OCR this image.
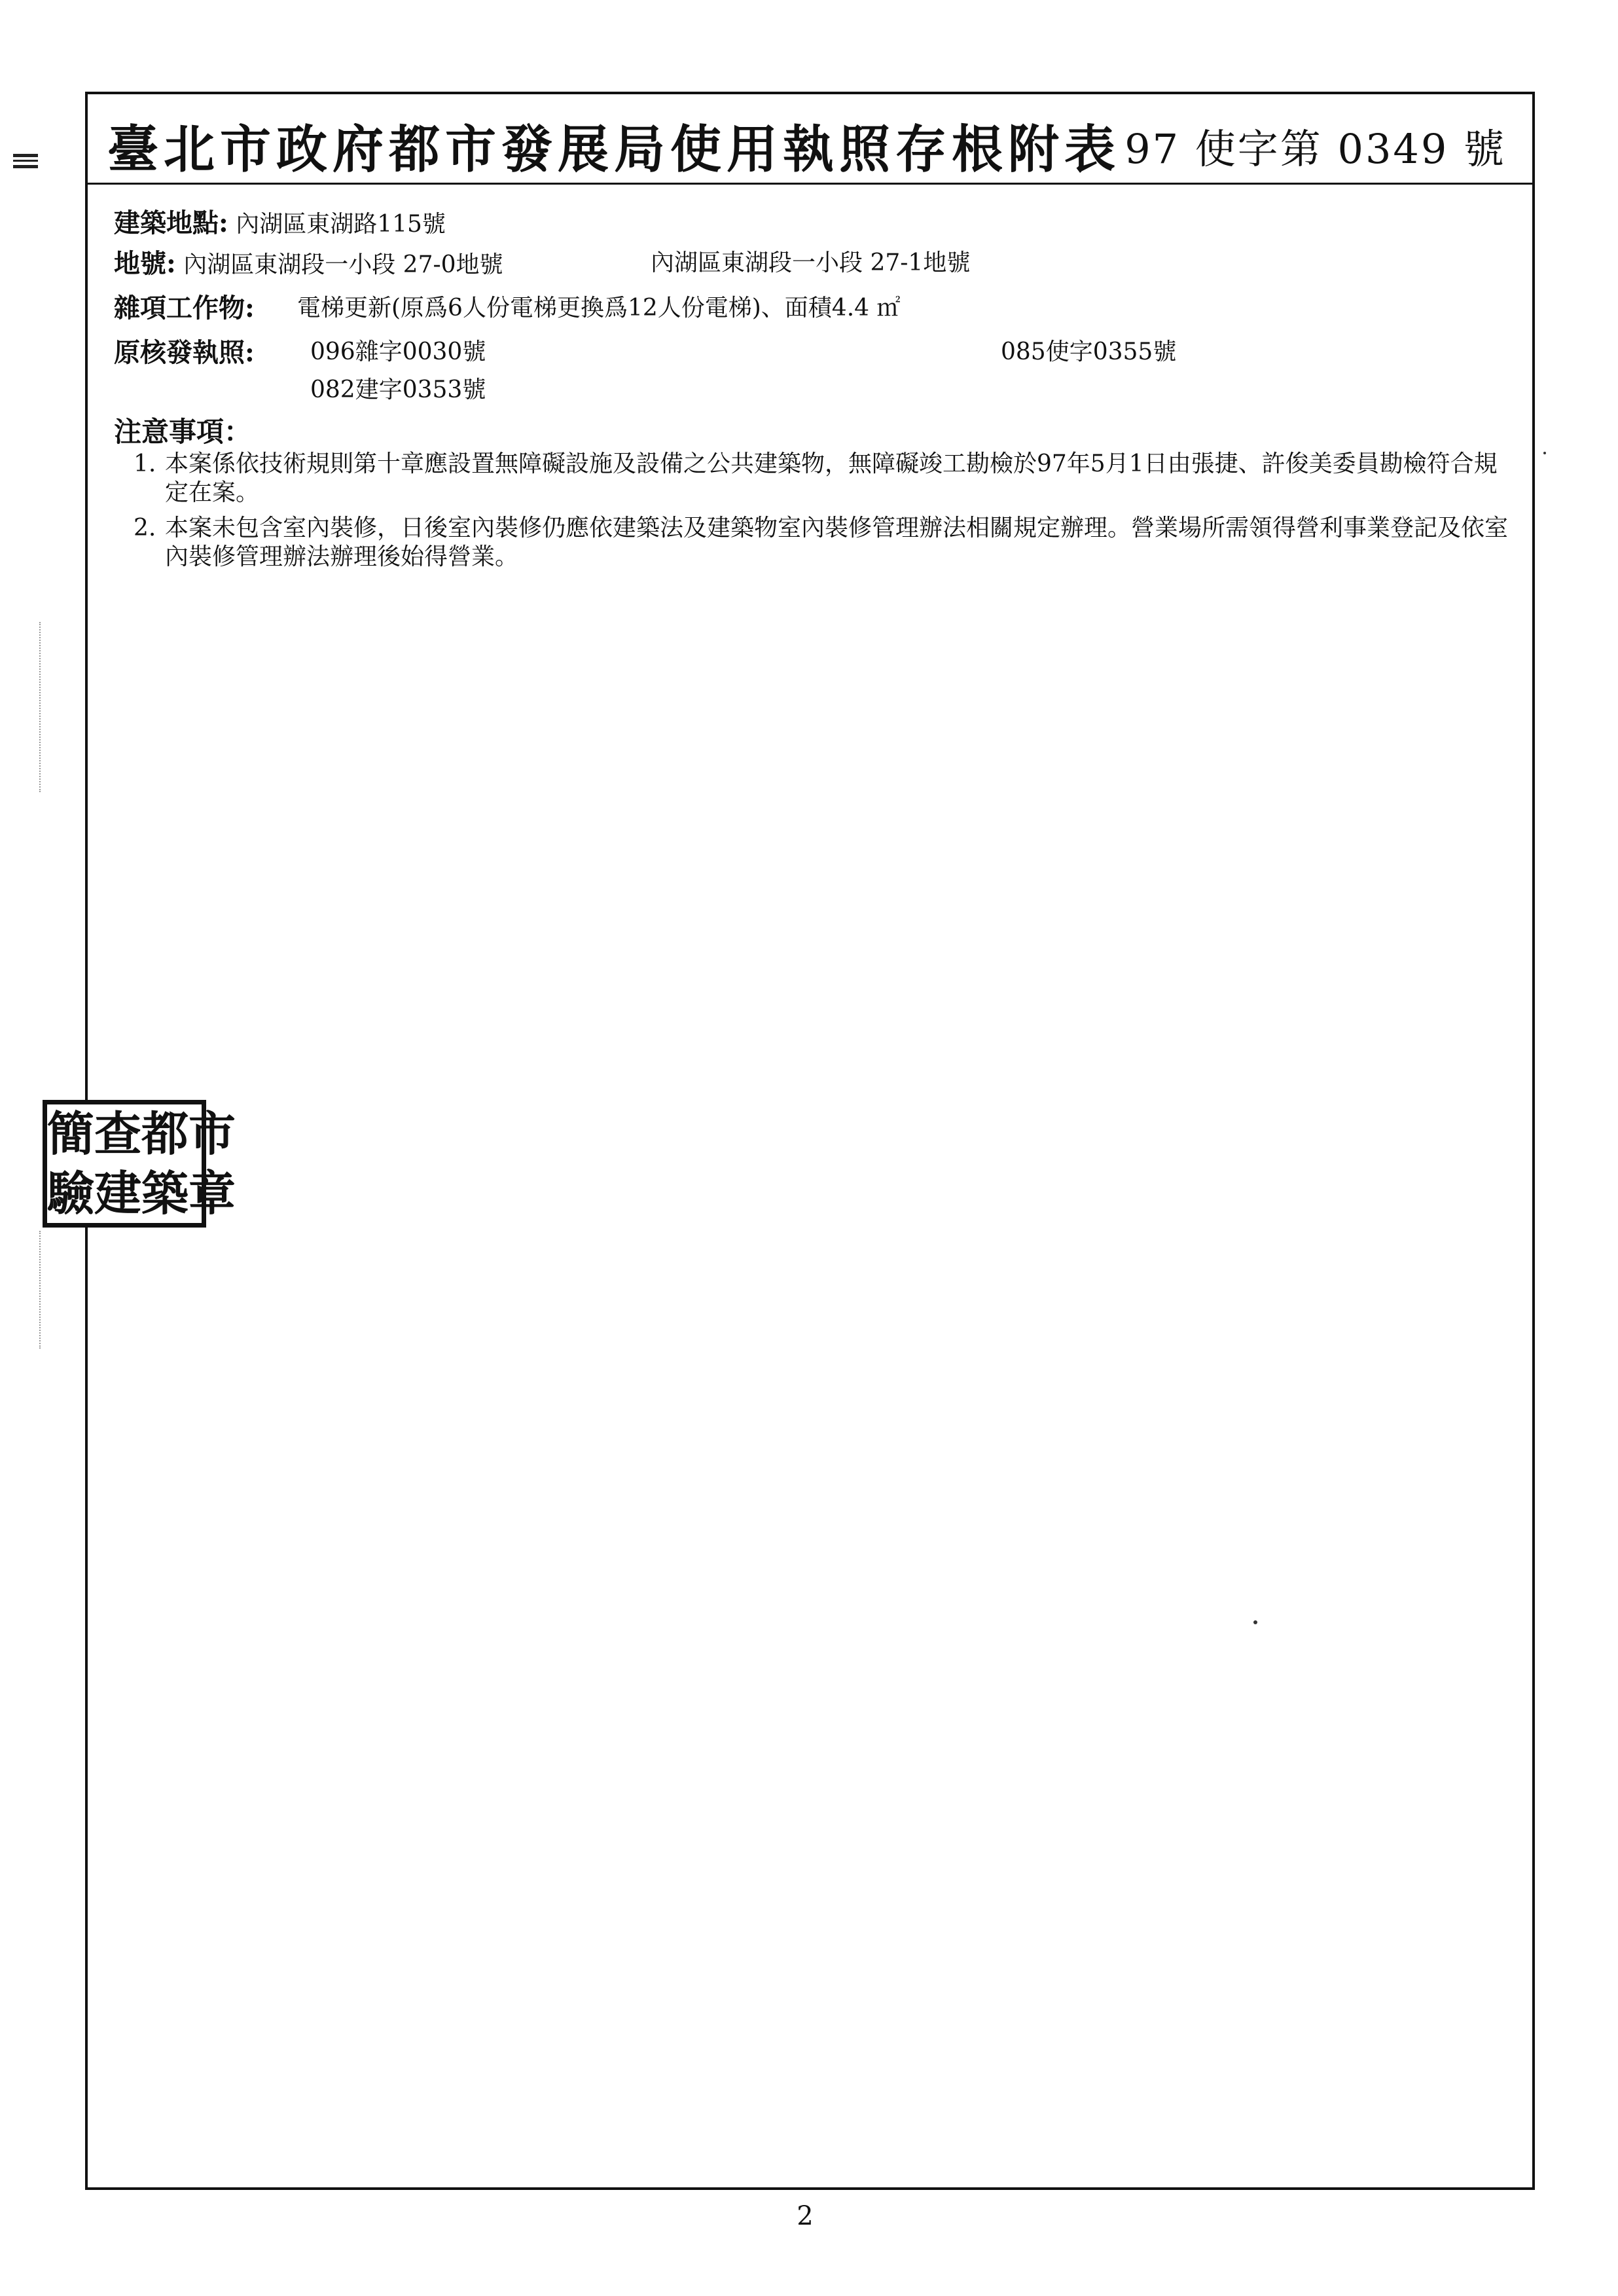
臺北市政府都市發展局使用執照存根附表 97 使字第 0349 號
建築地點: 內湖區東湖路115號
地號: 內湖區東湖段一小段 27-0地號	內湖區東湖段一小段 27-1地號
雜項工作物: 電梯更新(原爲6人份電梯更換爲12人份電梯)、面積4.4 ㎡
原核發執照: 096雜字0030號	085使字0355號
082建字0353號
注意事項：
1. 本案係依技術規則第十章應設置無障礙設施及設備之公共建築物，無障礙竣工勘檢於97年5月1日由張捷、許俊美委員勘檢符合規定在案。
2. 本案未包含室內裝修，日後室內裝修仍應依建築法及建築物室內裝修管理辦法相關規定辦理。營業場所需領得營利事業登記及依室內裝修管理辦法辦理後始得營業。
簡 查 都 市
驗 建 築 章
2
